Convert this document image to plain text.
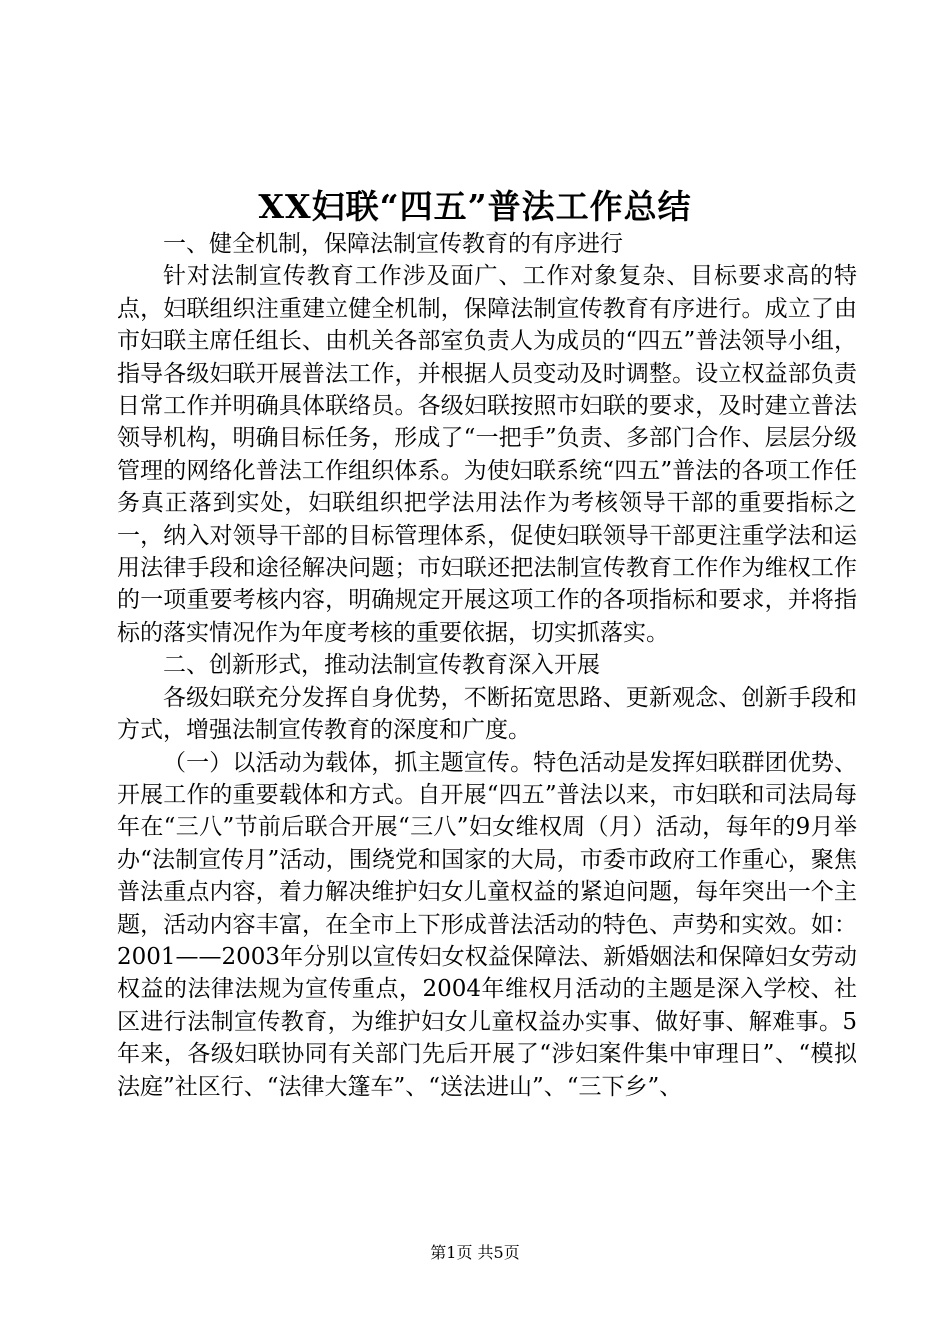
XX妇联“四五”普法工作总结

一、健全机制，保障法制宣传教育的有序进行

针对法制宣传教育工作涉及面广、工作对象复杂、目标要求高的特点，妇联组织注重建立健全机制，保障法制宣传教育有序进行。成立了由市妇联主席任组长、由机关各部室负责人为成员的“四五”普法领导小组，指导各级妇联开展普法工作，并根据人员变动及时调整。设立权益部负责日常工作并明确具体联络员。各级妇联按照市妇联的要求，及时建立普法领导机构，明确目标任务，形成了“一把手”负责、多部门合作、层层分级管理的网络化普法工作组织体系。为使妇联系统“四五”普法的各项工作任务真正落到实处，妇联组织把学法用法作为考核领导干部的重要指标之一，纳入对领导干部的目标管理体系，促使妇联领导干部更注重学法和运用法律手段和途径解决问题；市妇联还把法制宣传教育工作作为维权工作的一项重要考核内容，明确规定开展这项工作的各项指标和要求，并将指标的落实情况作为年度考核的重要依据，切实抓落实。

二、创新形式，推动法制宣传教育深入开展

各级妇联充分发挥自身优势，不断拓宽思路、更新观念、创新手段和方式，增强法制宣传教育的深度和广度。

（一）以活动为载体，抓主题宣传。特色活动是发挥妇联群团优势、开展工作的重要载体和方式。自开展“四五”普法以来，市妇联和司法局每年在“三八”节前后联合开展“三八”妇女维权周（月）活动，每年的9月举办“法制宣传月”活动，围绕党和国家的大局，市委市政府工作重心，聚焦普法重点内容，着力解决维护妇女儿童权益的紧迫问题，每年突出一个主题，活动内容丰富，在全市上下形成普法活动的特色、声势和实效。如：2001——2003年分别以宣传妇女权益保障法、新婚姻法和保障妇女劳动权益的法律法规为宣传重点，2004年维权月活动的主题是深入学校、社区进行法制宣传教育，为维护妇女儿童权益办实事、做好事、解难事。5年来，各级妇联协同有关部门先后开展了“涉妇案件集中审理日”、“模拟法庭”社区行、“法律大篷车”、“送法进山”、“三下乡”、

第1页 共5页
